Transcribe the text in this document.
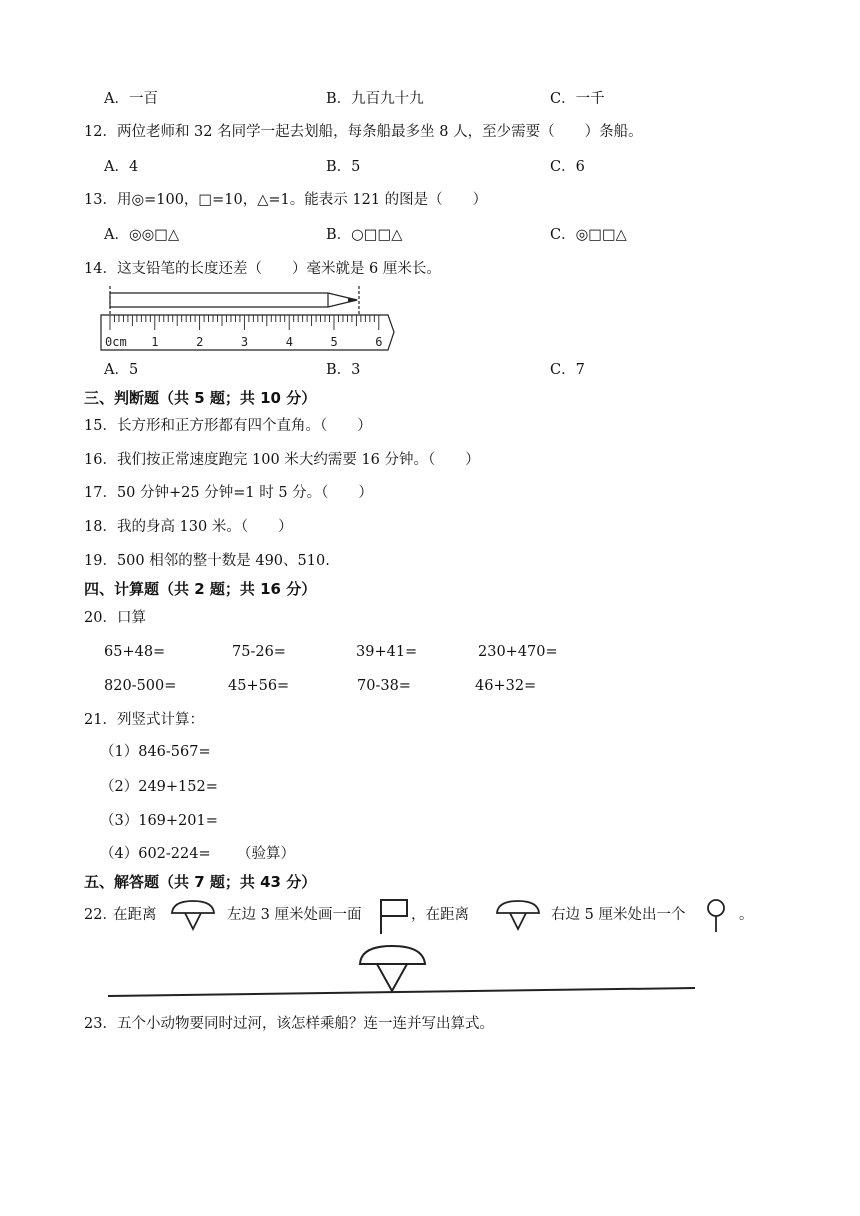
A．一百	B．九百九十九	C．一千
12．两位老师和 32 名同学一起去划船，每条船最多坐 8 人，至少需要（ ）条船。
A．4	B．5	C．6
13．用◎=100，□=10，△=1。能表示 121 的图是（ ）
A．◎◎□△	B．○□□△	C．◎□□△
14．这支铅笔的长度还差（ ）毫米就是 6 厘米长。
0cm 1	2	3	4	5	6
A．5	B．3	C．7
三、判断题（共 5 题；共 10 分）
15．长方形和正方形都有四个直角。（ ）
16．我们按正常速度跑完 100 米大约需要 16 分钟。（ ）
17．50 分钟+25 分钟=1 时 5 分。（ ）
18．我的身高 130 米。（ ）
19．500 相邻的整十数是 490、510.
四、计算题（共 2 题；共 16 分）
20．口算
65+48=	75-26=	39+41=	230+470=
820-500=	45+56=	70-38=	46+32=
21．列竖式计算：
（1）846-567=
（2）249+152=
（3）169+201=
（4）602-224= （验算）
五、解答题（共 7 题；共 43 分）
22．
在距离	左边 3 厘米处画一面	，在距离	右边 5 厘米处出一个	。
23．五个小动物要同时过河，该怎样乘船？连一连并写出算式。
